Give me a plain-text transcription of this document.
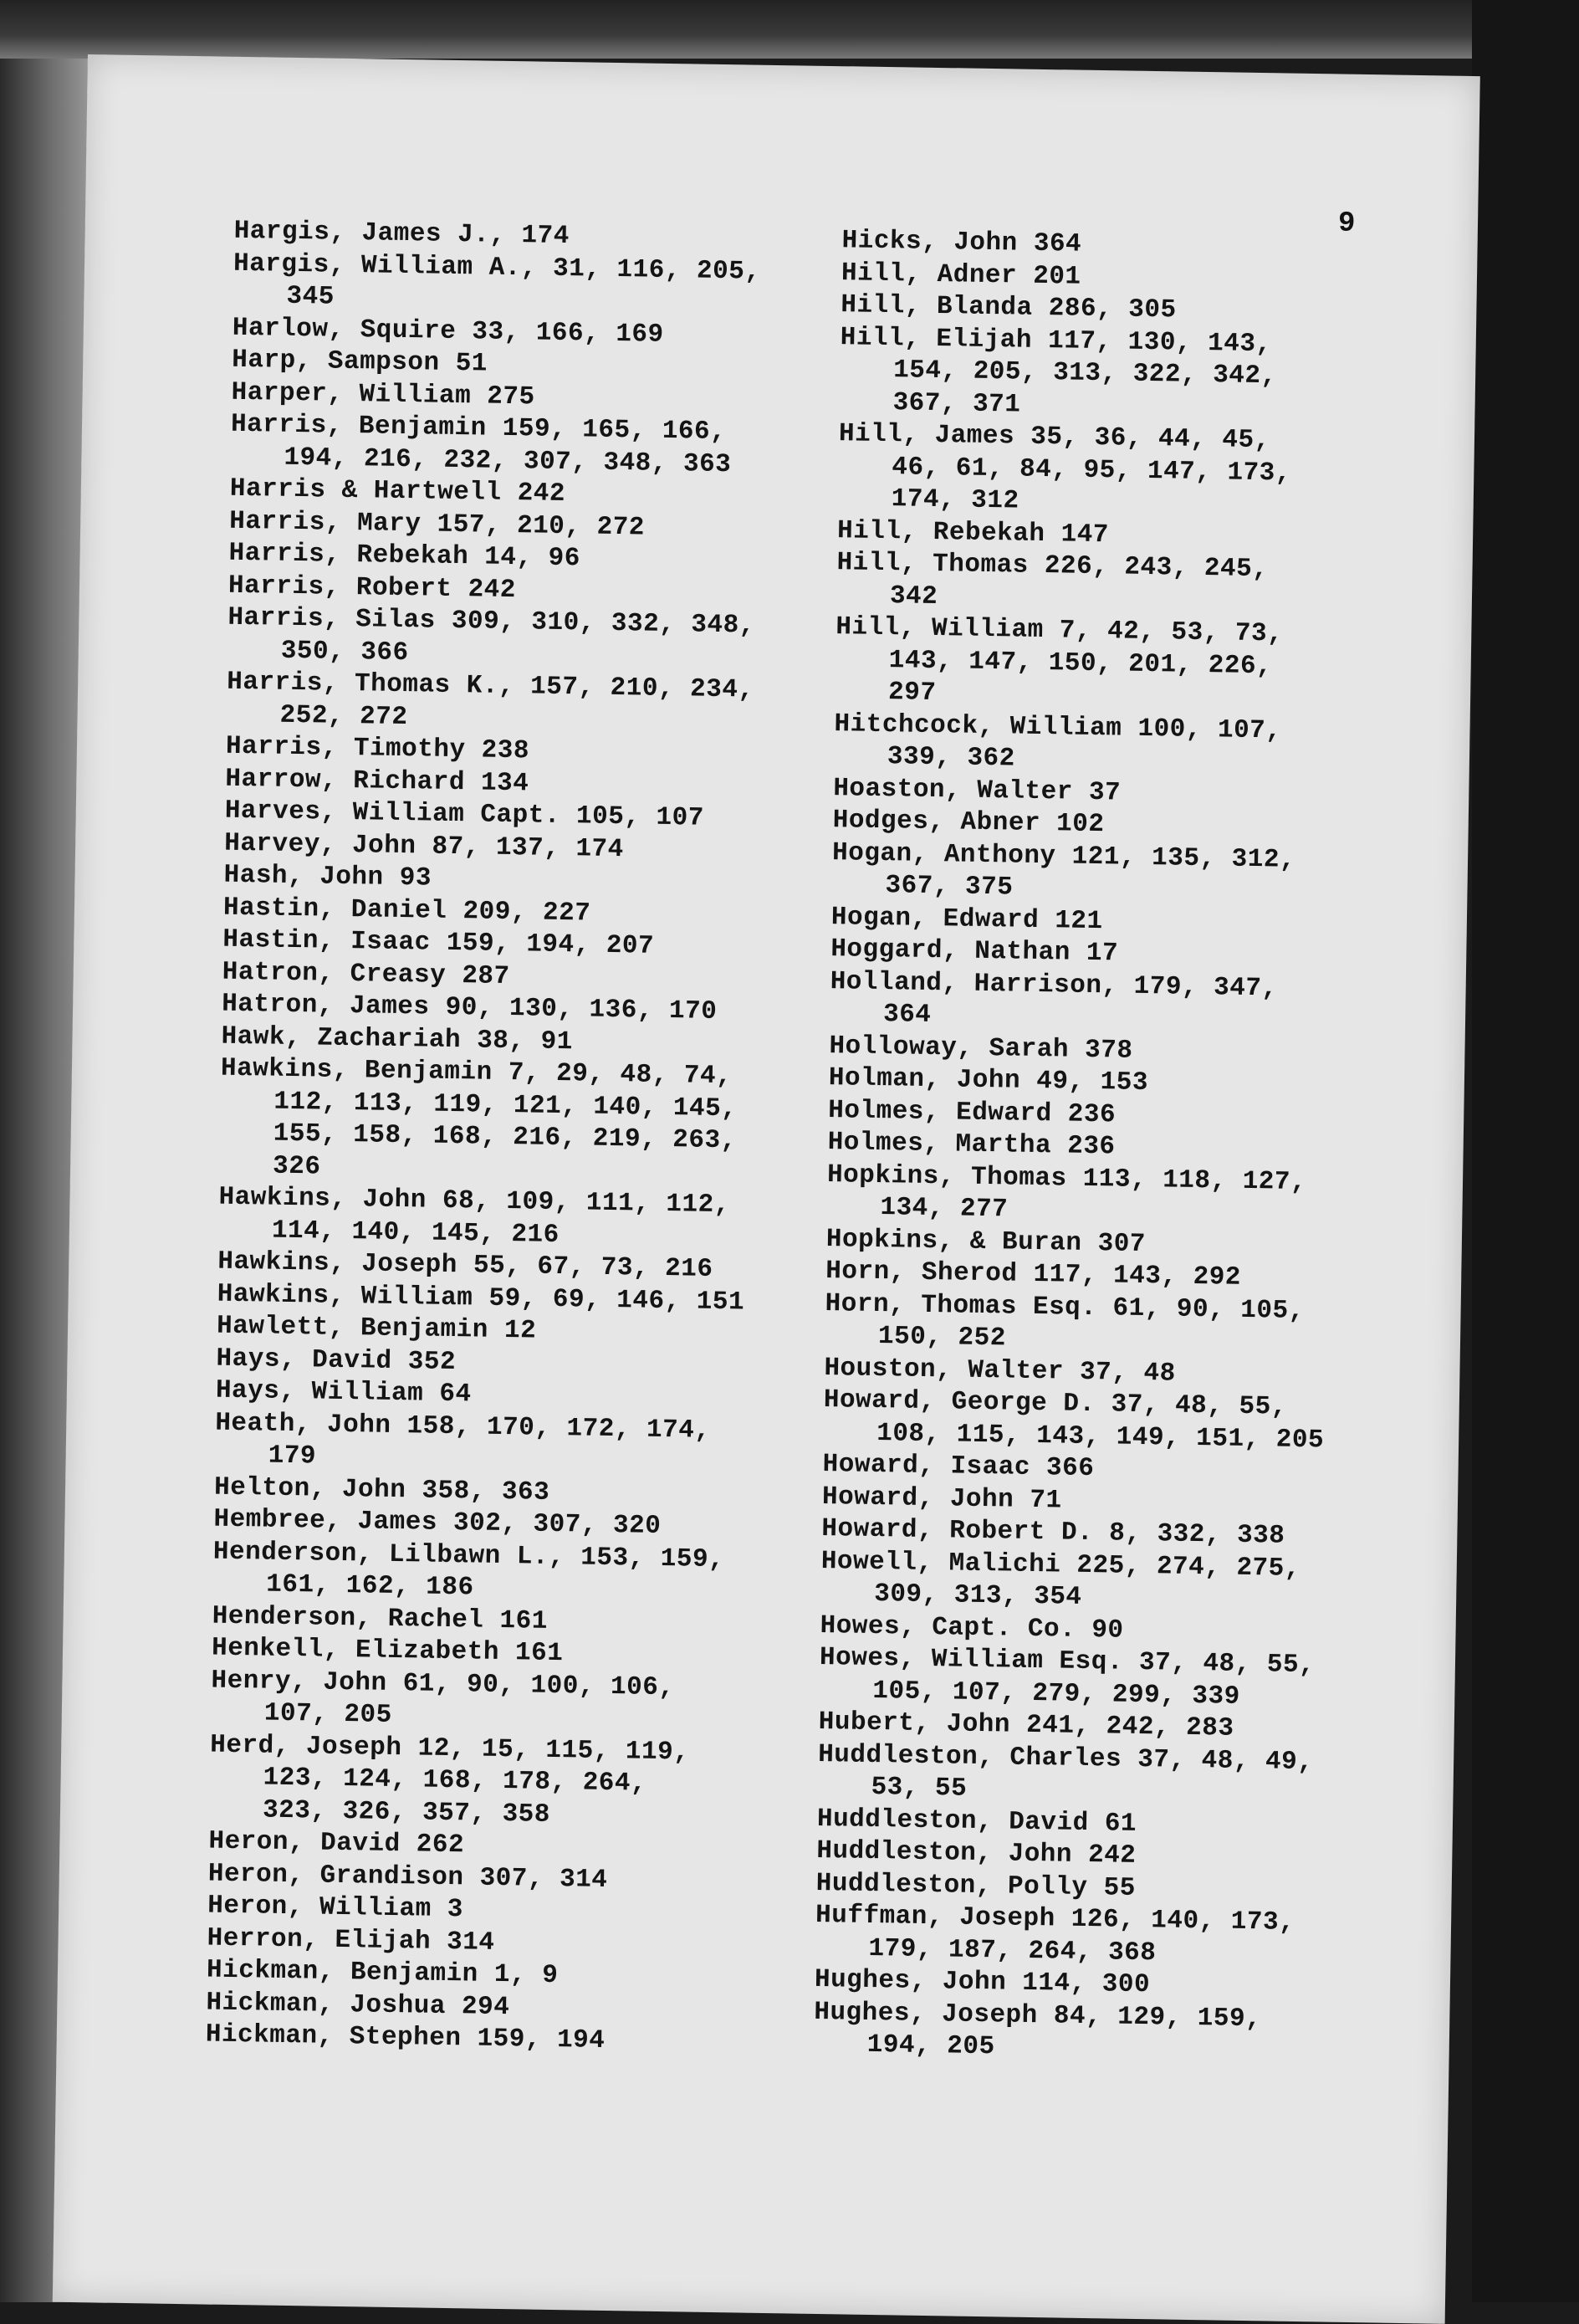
9
Hargis, James J., 174
Hargis, William A., 31, 116, 205,
345
Harlow, Squire 33, 166, 169
Harp, Sampson 51
Harper, William 275
Harris, Benjamin 159, 165, 166,
194, 216, 232, 307, 348, 363
Harris & Hartwell 242
Harris, Mary 157, 210, 272
Harris, Rebekah 14, 96
Harris, Robert 242
Harris, Silas 309, 310, 332, 348,
350, 366
Harris, Thomas K., 157, 210, 234,
252, 272
Harris, Timothy 238
Harrow, Richard 134
Harves, William Capt. 105, 107
Harvey, John 87, 137, 174
Hash, John 93
Hastin, Daniel 209, 227
Hastin, Isaac 159, 194, 207
Hatron, Creasy 287
Hatron, James 90, 130, 136, 170
Hawk, Zachariah 38, 91
Hawkins, Benjamin 7, 29, 48, 74,
112, 113, 119, 121, 140, 145,
155, 158, 168, 216, 219, 263,
326
Hawkins, John 68, 109, 111, 112,
114, 140, 145, 216
Hawkins, Joseph 55, 67, 73, 216
Hawkins, William 59, 69, 146, 151
Hawlett, Benjamin 12
Hays, David 352
Hays, William 64
Heath, John 158, 170, 172, 174,
179
Helton, John 358, 363
Hembree, James 302, 307, 320
Henderson, Lilbawn L., 153, 159,
161, 162, 186
Henderson, Rachel 161
Henkell, Elizabeth 161
Henry, John 61, 90, 100, 106,
107, 205
Herd, Joseph 12, 15, 115, 119,
123, 124, 168, 178, 264,
323, 326, 357, 358
Heron, David 262
Heron, Grandison 307, 314
Heron, William 3
Herron, Elijah 314
Hickman, Benjamin 1, 9
Hickman, Joshua 294
Hickman, Stephen 159, 194
Hicks, John 364
Hill, Adner 201
Hill, Blanda 286, 305
Hill, Elijah 117, 130, 143,
154, 205, 313, 322, 342,
367, 371
Hill, James 35, 36, 44, 45,
46, 61, 84, 95, 147, 173,
174, 312
Hill, Rebekah 147
Hill, Thomas 226, 243, 245,
342
Hill, William 7, 42, 53, 73,
143, 147, 150, 201, 226,
297
Hitchcock, William 100, 107,
339, 362
Hoaston, Walter 37
Hodges, Abner 102
Hogan, Anthony 121, 135, 312,
367, 375
Hogan, Edward 121
Hoggard, Nathan 17
Holland, Harrison, 179, 347,
364
Holloway, Sarah 378
Holman, John 49, 153
Holmes, Edward 236
Holmes, Martha 236
Hopkins, Thomas 113, 118, 127,
134, 277
Hopkins, & Buran 307
Horn, Sherod 117, 143, 292
Horn, Thomas Esq. 61, 90, 105,
150, 252
Houston, Walter 37, 48
Howard, George D. 37, 48, 55,
108, 115, 143, 149, 151, 205
Howard, Isaac 366
Howard, John 71
Howard, Robert D. 8, 332, 338
Howell, Malichi 225, 274, 275,
309, 313, 354
Howes, Capt. Co. 90
Howes, William Esq. 37, 48, 55,
105, 107, 279, 299, 339
Hubert, John 241, 242, 283
Huddleston, Charles 37, 48, 49,
53, 55
Huddleston, David 61
Huddleston, John 242
Huddleston, Polly 55
Huffman, Joseph 126, 140, 173,
179, 187, 264, 368
Hughes, John 114, 300
Hughes, Joseph 84, 129, 159,
194, 205
